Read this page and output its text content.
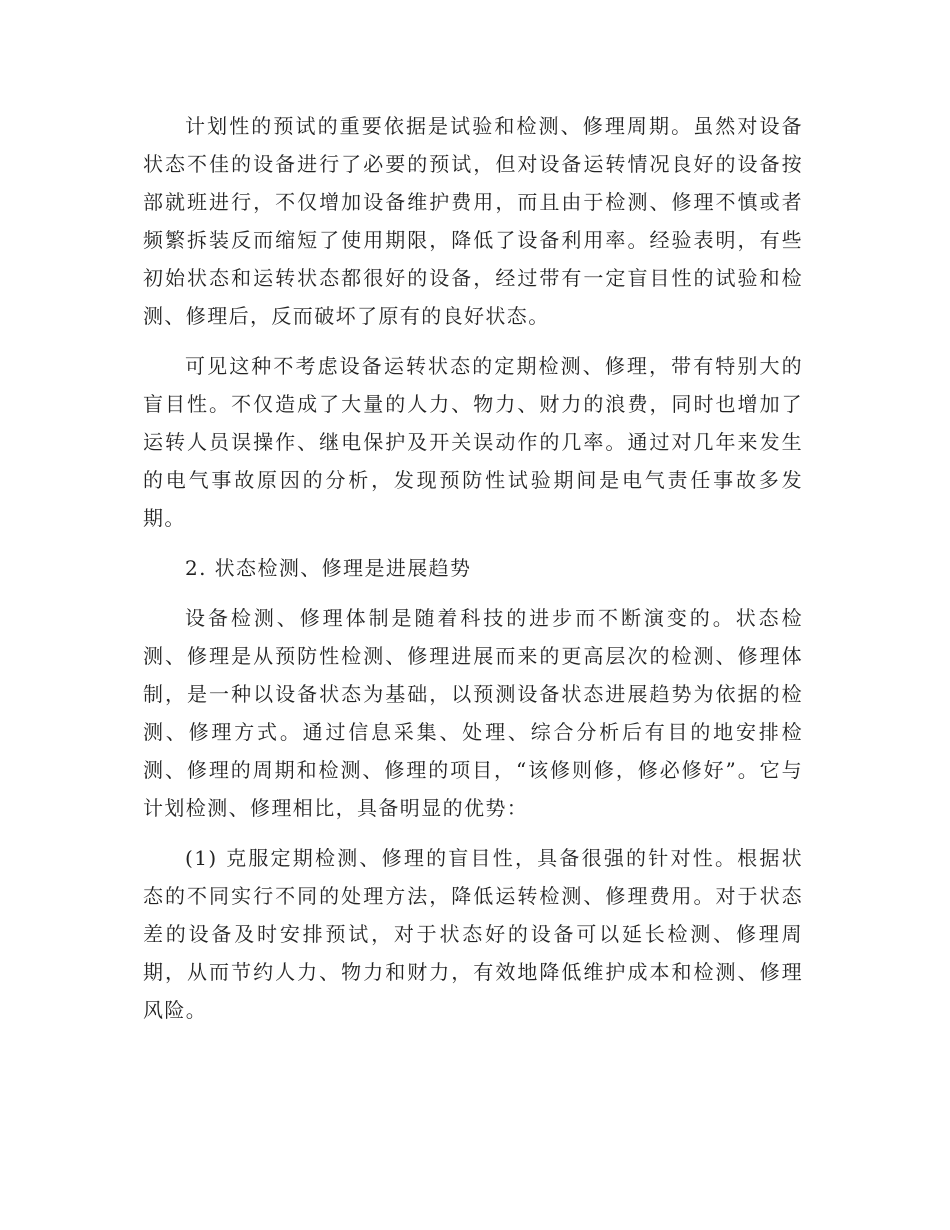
计划性的预试的重要依据是试验和检测、修理周期。虽然对设备状态不佳的设备进行了必要的预试，但对设备运转情况良好的设备按部就班进行，不仅增加设备维护费用，而且由于检测、修理不慎或者频繁拆装反而缩短了使用期限，降低了设备利用率。经验表明，有些初始状态和运转状态都很好的设备，经过带有一定盲目性的试验和检测、修理后，反而破坏了原有的良好状态。

可见这种不考虑设备运转状态的定期检测、修理，带有特别大的盲目性。不仅造成了大量的人力、物力、财力的浪费，同时也增加了运转人员误操作、继电保护及开关误动作的几率。通过对几年来发生的电气事故原因的分析，发现预防性试验期间是电气责任事故多发期。

2. 状态检测、修理是进展趋势

设备检测、修理体制是随着科技的进步而不断演变的。状态检测、修理是从预防性检测、修理进展而来的更高层次的检测、修理体制，是一种以设备状态为基础，以预测设备状态进展趋势为依据的检测、修理方式。通过信息采集、处理、综合分析后有目的地安排检测、修理的周期和检测、修理的项目，“该修则修，修必修好”。它与计划检测、修理相比，具备明显的优势：

(1) 克服定期检测、修理的盲目性，具备很强的针对性。根据状态的不同实行不同的处理方法，降低运转检测、修理费用。对于状态差的设备及时安排预试，对于状态好的设备可以延长检测、修理周期，从而节约人力、物力和财力，有效地降低维护成本和检测、修理风险。
